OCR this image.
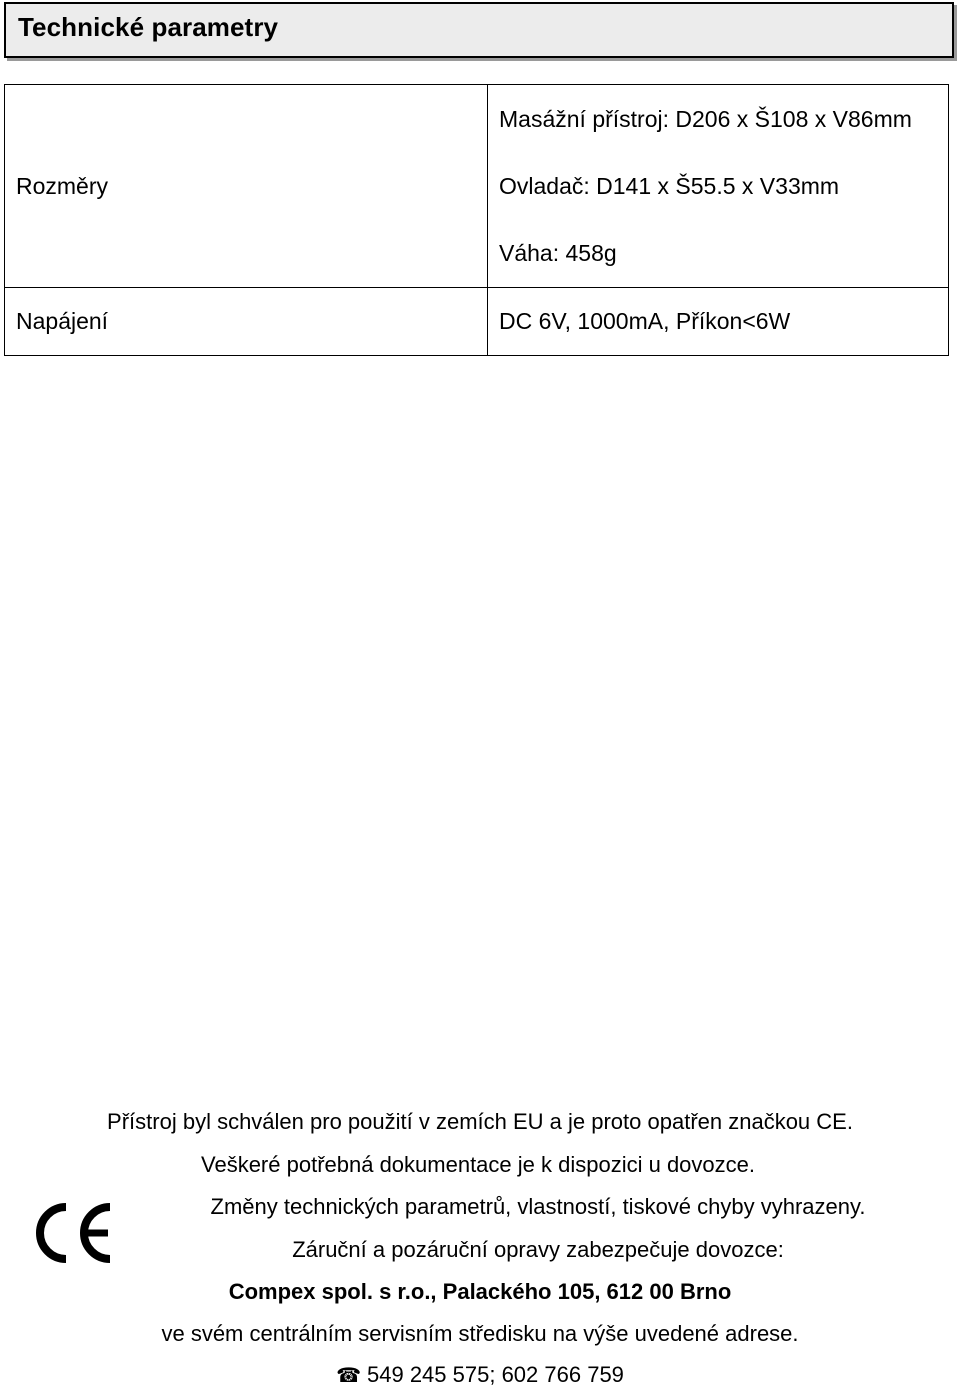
Technické parametry
Rozměry	Masážní přístroj: D206 x Š108 x V86mm
Ovladač: D141 x Š55.5 x V33mm
Váha: 458g

Napájení	DC 6V, 1000mA, Příkon<6W
Přístroj byl schválen pro použití v zemích EU a je proto opatřen značkou CE.
Veškeré potřebná dokumentace je k dispozici u dovozce.
Změny technických parametrů, vlastností, tiskové chyby vyhrazeny.
Záruční a pozáruční opravy zabezpečuje dovozce:
Compex spol. s r.o., Palackého 105, 612 00 Brno
ve svém centrálním servisním středisku na výše uvedené adrese.
☎ 549 245 575; 602 766 759
